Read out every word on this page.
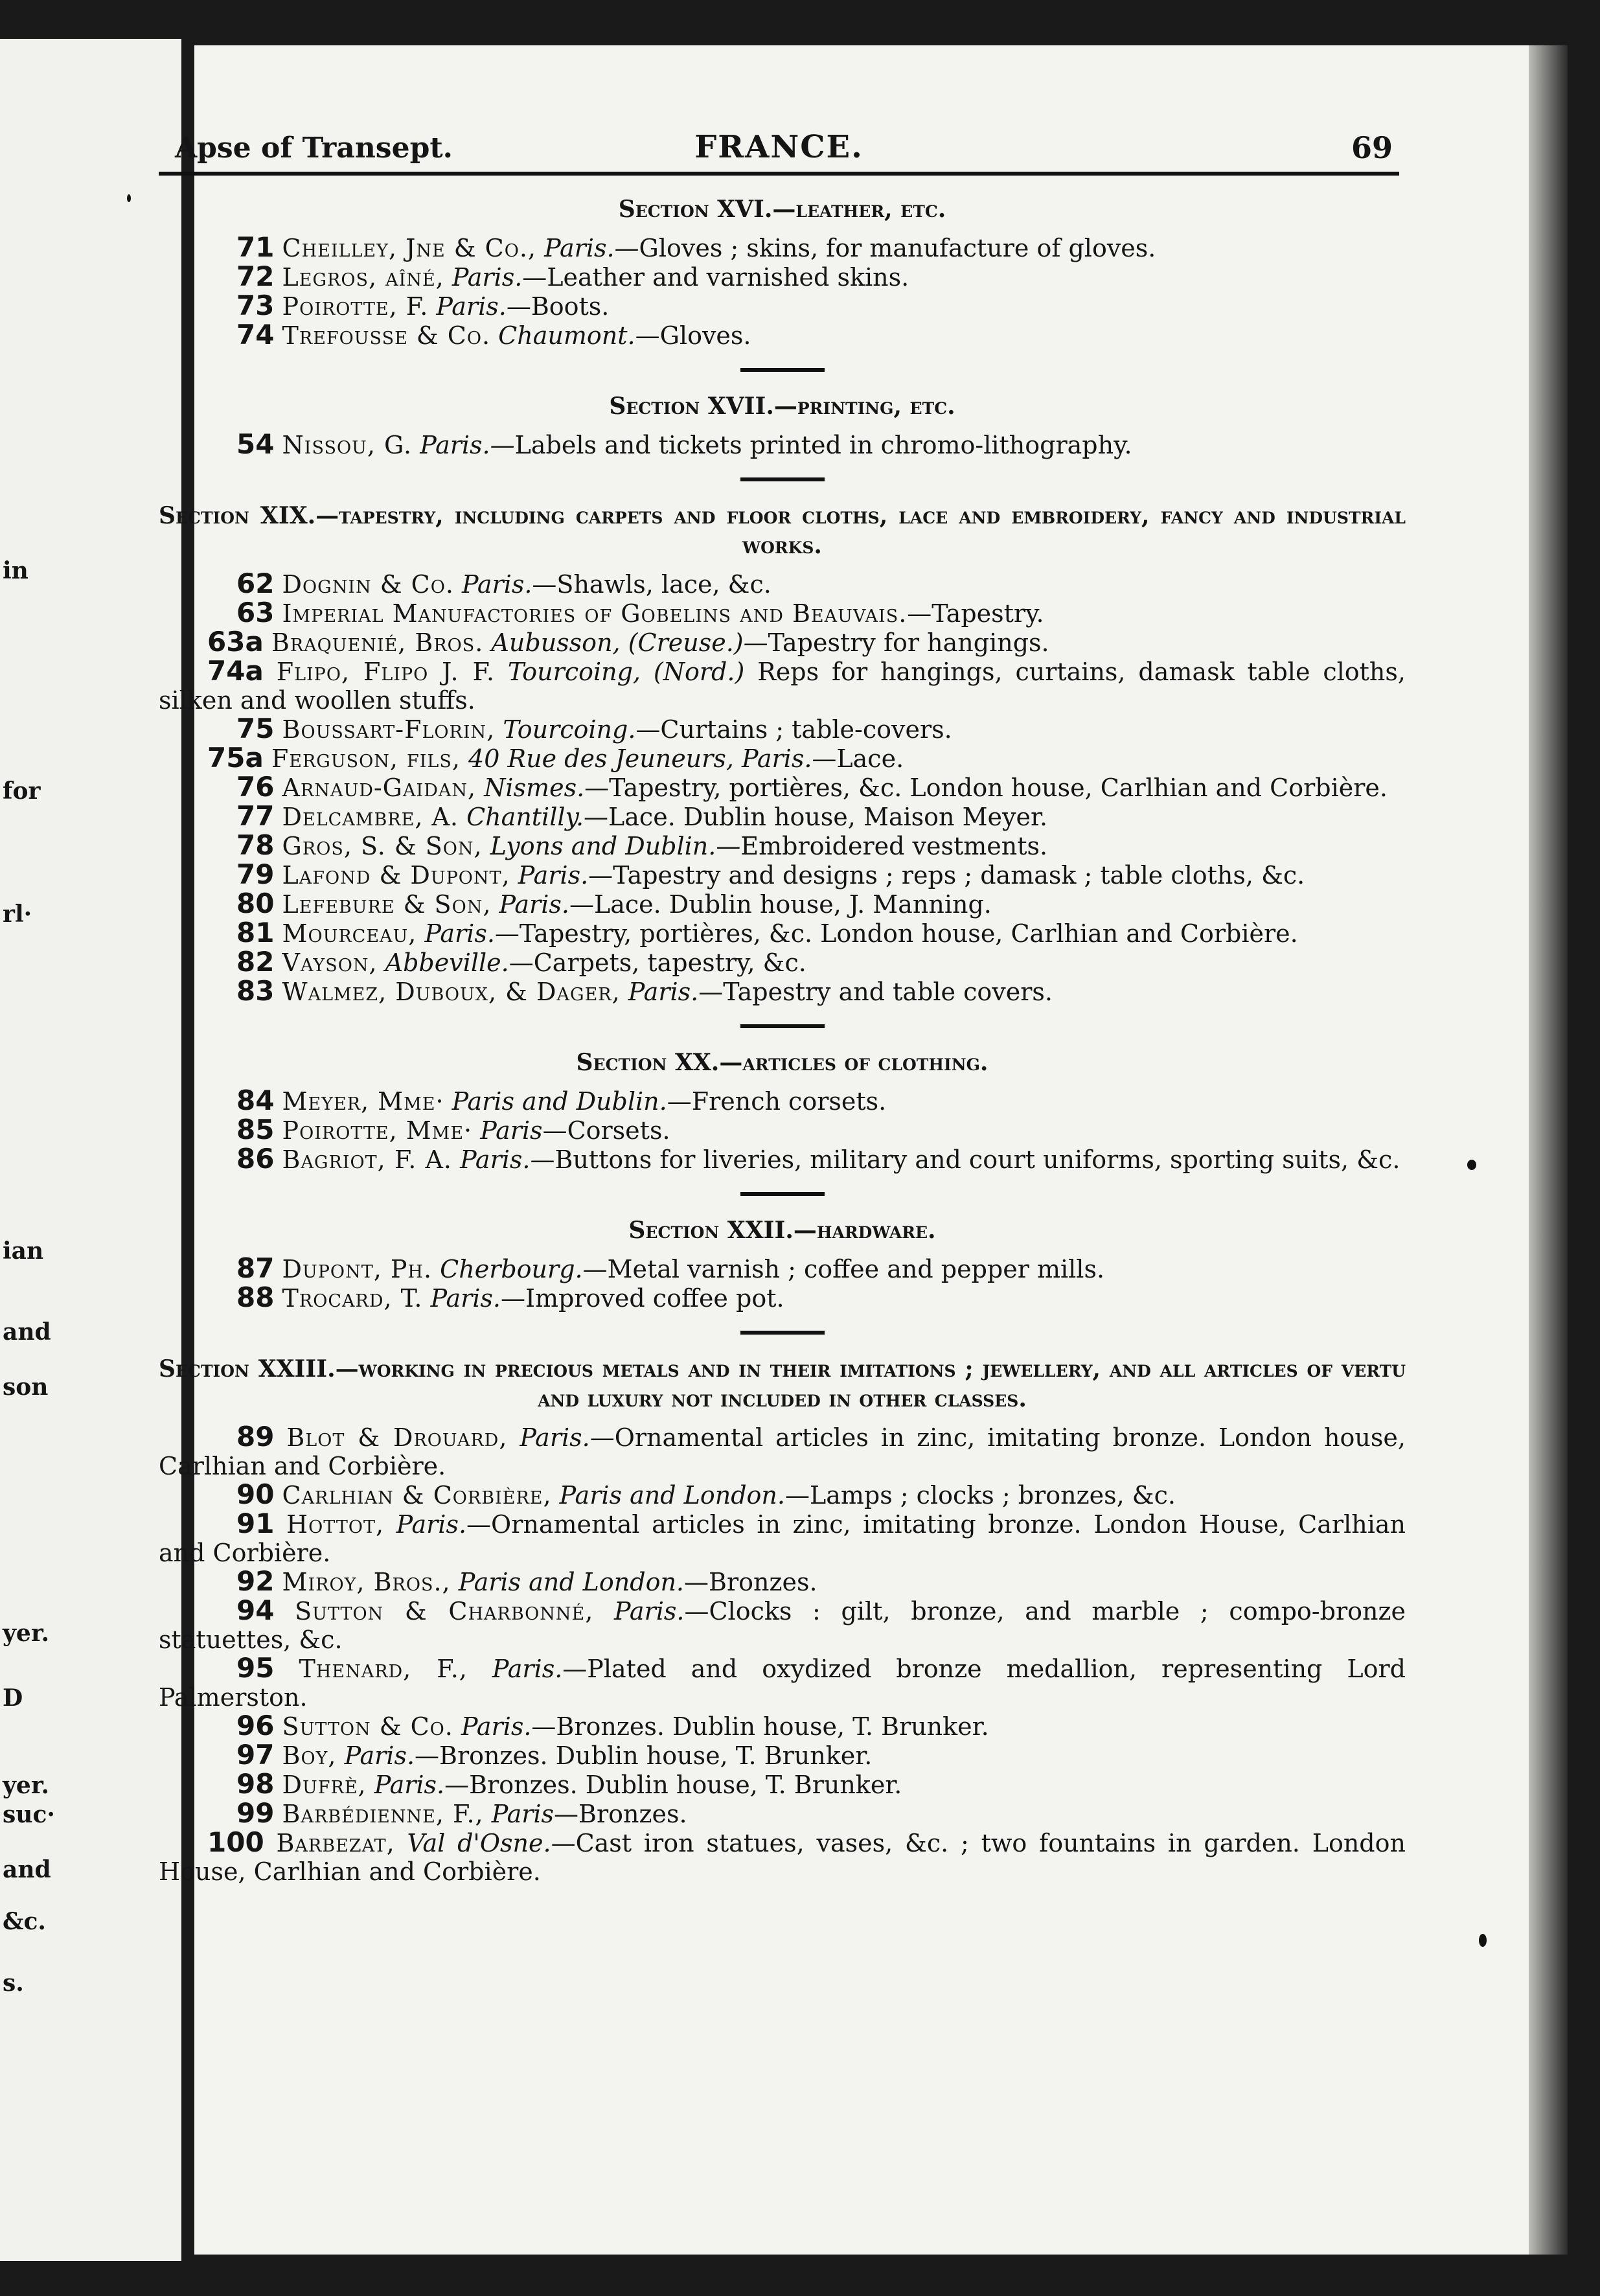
in
for
rl·
ian
and
son
yer.
D
yer.
suc·
and
&c.
s.
Apse of Transept.	FRANCE.	69

Section XVI.—leather, etc.

71 Cheilley, Jne & Co., Paris.—Gloves ; skins, for manufacture of gloves.

72 Legros, aîné, Paris.—Leather and varnished skins.

73 Poirotte, F. Paris.—Boots.

74 Trefousse & Co. Chaumont.—Gloves.

Section XVII.—printing, etc.

54 Nissou, G. Paris.—Labels and tickets printed in chromo-lithography.

Section XIX.—tapestry, including carpets and floor cloths, lace and embroidery, fancy and industrial works.

62 Dognin & Co. Paris.—Shawls, lace, &c.

63 Imperial Manufactories of Gobelins and Beauvais.—Tapestry.

63a Braquenié, Bros. Aubusson, (Creuse.)—Tapestry for hangings.

74a Flipo, Flipo J. F. Tourcoing, (Nord.) Reps for hangings, curtains, damask table cloths, silken and woollen stuffs.

75 Boussart-Florin, Tourcoing.—Curtains ; table-covers.

75a Ferguson, fils, 40 Rue des Jeuneurs, Paris.—Lace.

76 Arnaud-Gaidan, Nismes.—Tapestry, portières, &c. London house, Carlhian and Corbière.

77 Delcambre, A. Chantilly.—Lace. Dublin house, Maison Meyer.

78 Gros, S. & Son, Lyons and Dublin.—Embroidered vestments.

79 Lafond & Dupont, Paris.—Tapestry and designs ; reps ; damask ; table cloths, &c.

80 Lefebure & Son, Paris.—Lace. Dublin house, J. Manning.

81 Mourceau, Paris.—Tapestry, portières, &c. London house, Carlhian and Corbière.

82 Vayson, Abbeville.—Carpets, tapestry, &c.

83 Walmez, Duboux, & Dager, Paris.—Tapestry and table covers.

Section XX.—articles of clothing.

84 Meyer, Mme· Paris and Dublin.—French corsets.

85 Poirotte, Mme· Paris—Corsets.

86 Bagriot, F. A. Paris.—Buttons for liveries, military and court uniforms, sporting suits, &c.

Section XXII.—hardware.

87 Dupont, Ph. Cherbourg.—Metal varnish ; coffee and pepper mills.

88 Trocard, T. Paris.—Improved coffee pot.

Section XXIII.—working in precious metals and in their imitations ; jewellery, and all articles of vertu and luxury not included in other classes.

89 Blot & Drouard, Paris.—Ornamental articles in zinc, imitating bronze. London house, Carlhian and Corbière.

90 Carlhian & Corbière, Paris and London.—Lamps ; clocks ; bronzes, &c.

91 Hottot, Paris.—Ornamental articles in zinc, imitating bronze. London House, Carlhian and Corbière.

92 Miroy, Bros., Paris and London.—Bronzes.

94 Sutton & Charbonné, Paris.—Clocks : gilt, bronze, and marble ; compo-bronze statuettes, &c.

95 Thenard, F., Paris.—Plated and oxydized bronze medallion, representing Lord Palmerston.

96 Sutton & Co. Paris.—Bronzes. Dublin house, T. Brunker.

97 Boy, Paris.—Bronzes. Dublin house, T. Brunker.

98 Dufrè, Paris.—Bronzes. Dublin house, T. Brunker.

99 Barbédienne, F., Paris—Bronzes.

100 Barbezat, Val d'Osne.—Cast iron statues, vases, &c. ; two fountains in garden. London House, Carlhian and Corbière.
